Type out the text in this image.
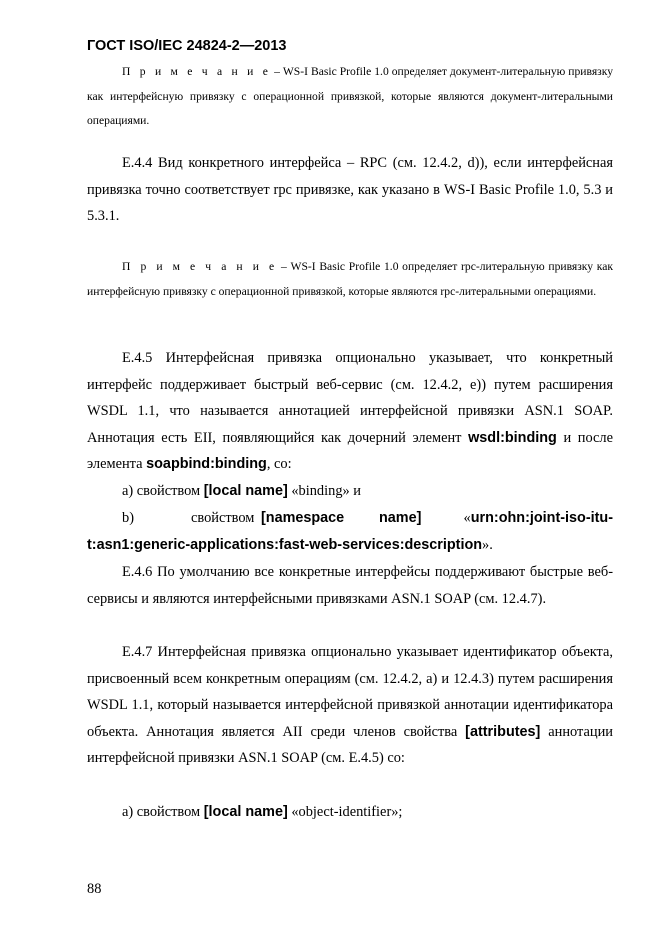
ГОСТ ISO/IEC 24824-2—2013
П р и м е ч а н и е – WS-I Basic Profile 1.0 определяет документ-литеральную привязку как интерфейсную привязку с операционной привязкой, которые являются документ-литеральными операциями.
Е.4.4 Вид конкретного интерфейса – RPC (см. 12.4.2, d)), если интерфейсная привязка точно соответствует rpc привязке, как указано в WS-I Basic Profile 1.0, 5.3 и 5.3.1.
П р и м е ч а н и е – WS-I Basic Profile 1.0 определяет rpc-литеральную привязку как интерфейсную привязку с операционной привязкой, которые являются rpc-литеральными операциями.
Е.4.5 Интерфейсная привязка опционально указывает, что конкретный интерфейс поддерживает быстрый веб-сервис (см. 12.4.2, е)) путем расширения WSDL 1.1, что называется аннотацией интерфейсной привязки ASN.1 SOAP. Аннотация есть EII, появляющийся как дочерний элемент wsdl:binding и после элемента soapbind:binding, со:
а) свойством [local name] «binding» и
b)	свойством [namespace name]	«urn:ohn:joint-iso-itu-
t:asn1:generic-applications:fast-web-services:description».
Е.4.6 По умолчанию все конкретные интерфейсы поддерживают быстрые веб-сервисы и являются интерфейсными привязками ASN.1 SOAP (см. 12.4.7).
Е.4.7 Интерфейсная привязка опционально указывает идентификатор объекта, присвоенный всем конкретным операциям (см. 12.4.2, а) и 12.4.3) путем расширения WSDL 1.1, который называется интерфейсной привязкой аннотации идентификатора объекта. Аннотация является AII среди членов свойства [attributes] аннотации интерфейсной привязки ASN.1 SOAP (см. Е.4.5) со:
а) свойством [local name] «object-identifier»;
88
